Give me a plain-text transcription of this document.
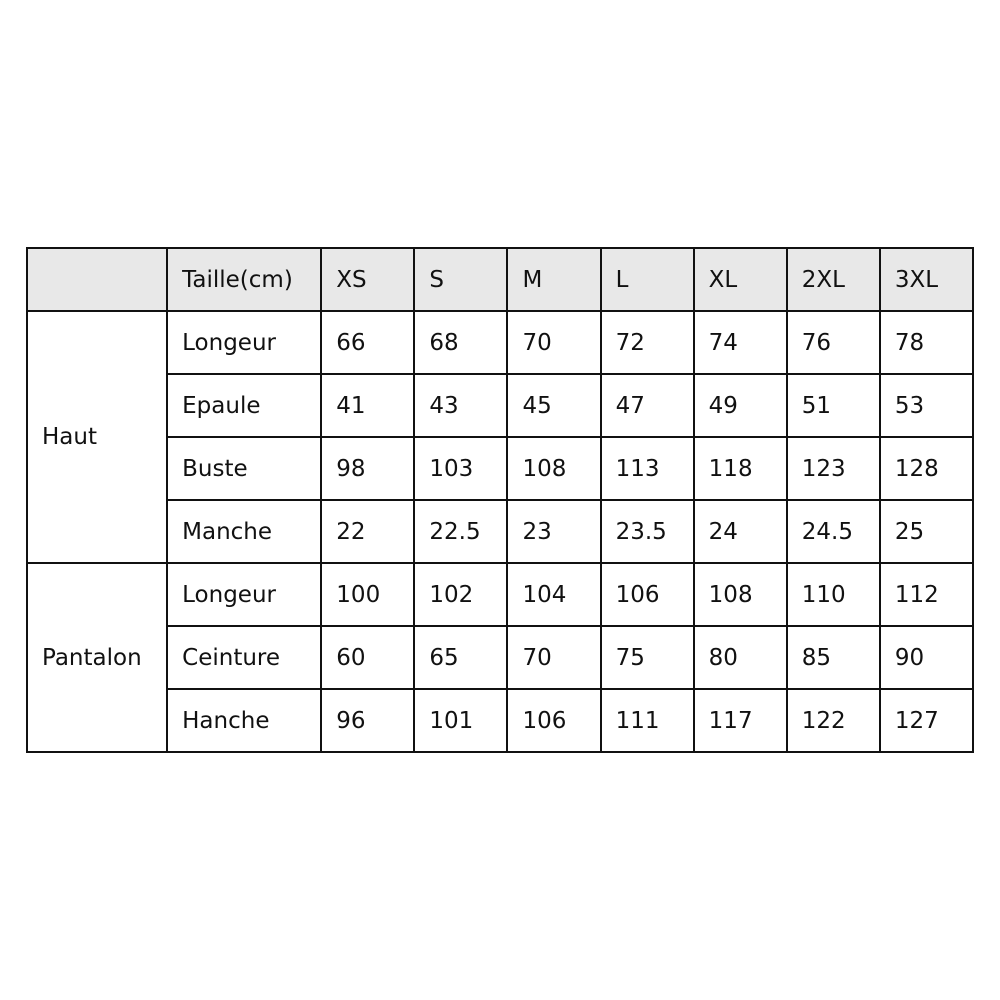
	Taille(cm)	XS	S	M	L	XL	2XL	3XL
Haut	Longeur	66	68	70	72	74	76	78
	Epaule	41	43	45	47	49	51	53
	Buste	98	103	108	113	118	123	128
	Manche	22	22.5	23	23.5	24	24.5	25
Pantalon	Longeur	100	102	104	106	108	110	112
	Ceinture	60	65	70	75	80	85	90
	Hanche	96	101	106	111	117	122	127
